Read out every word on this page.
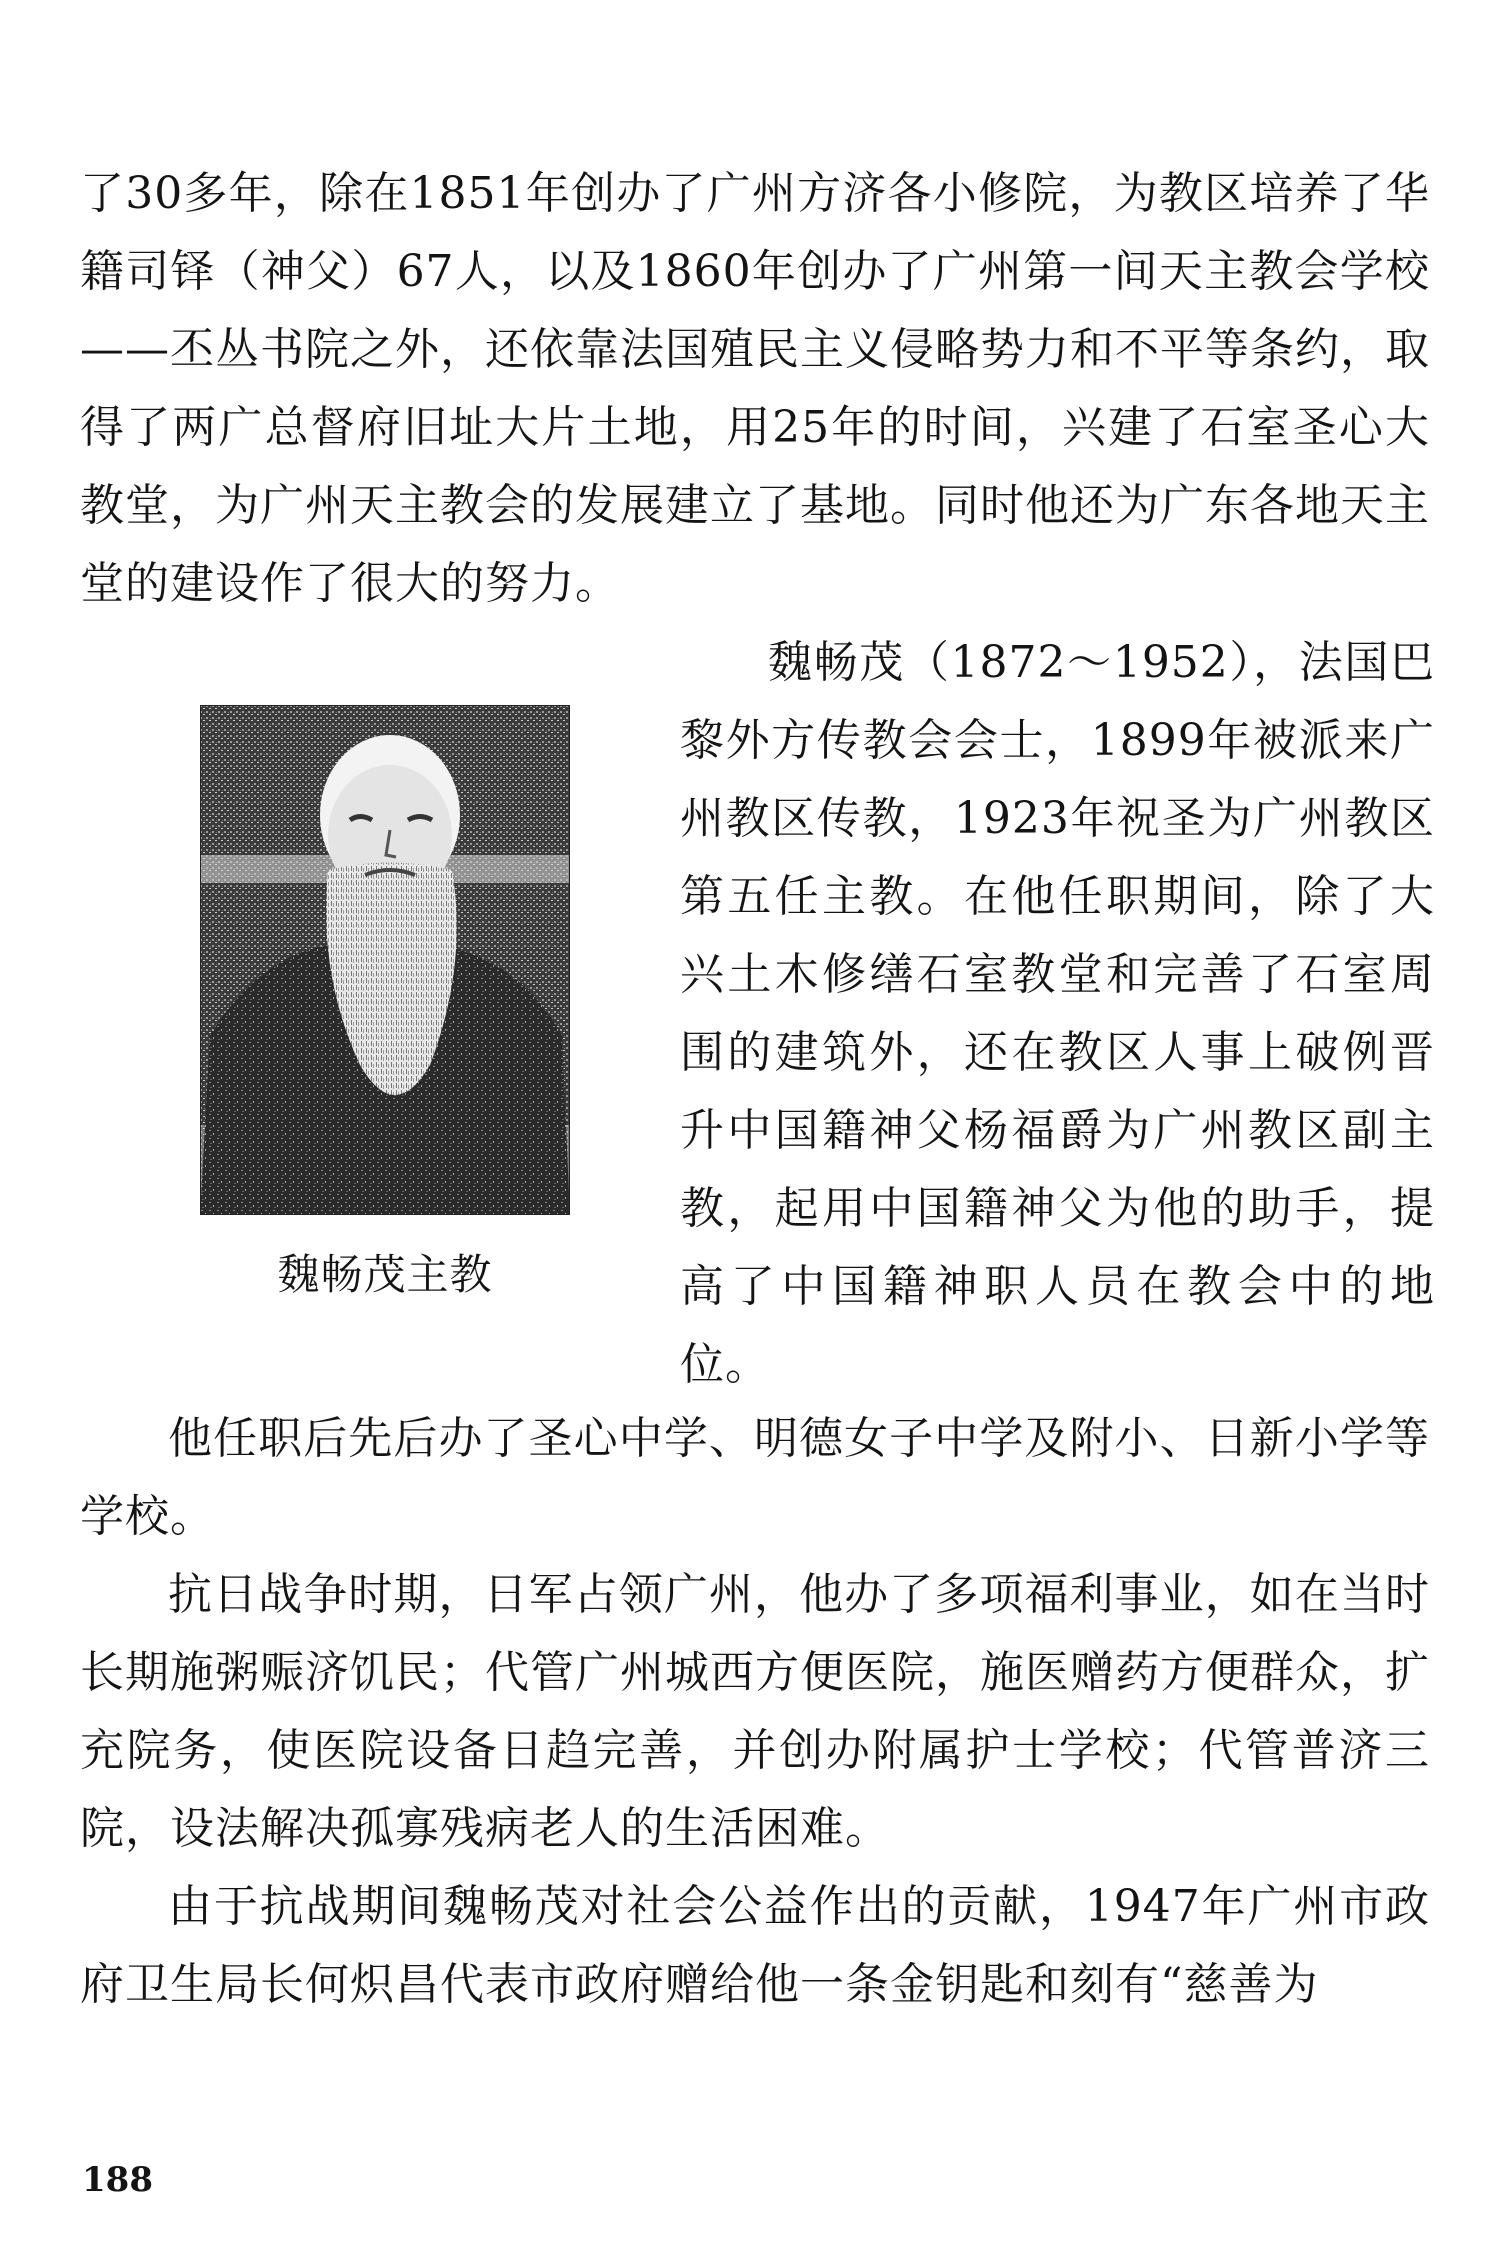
了30多年，除在1851年创办了广州方济各小修院，为教区培养了华籍司铎（神父）67人，以及1860年创办了广州第一间天主教会学校——丕丛书院之外，还依靠法国殖民主义侵略势力和不平等条约，取得了两广总督府旧址大片土地，用25年的时间，兴建了石室圣心大教堂，为广州天主教会的发展建立了基地。同时他还为广东各地天主堂的建设作了很大的努力。

魏畅茂主教

魏畅茂（1872～1952），法国巴黎外方传教会会士，1899年被派来广州教区传教，1923年祝圣为广州教区第五任主教。在他任职期间，除了大兴土木修缮石室教堂和完善了石室周围的建筑外，还在教区人事上破例晋升中国籍神父杨福爵为广州教区副主教，起用中国籍神父为他的助手，提高了中国籍神职人员在教会中的地位。

他任职后先后办了圣心中学、明德女子中学及附小、日新小学等学校。

抗日战争时期，日军占领广州，他办了多项福利事业，如在当时长期施粥赈济饥民；代管广州城西方便医院，施医赠药方便群众，扩充院务，使医院设备日趋完善，并创办附属护士学校；代管普济三院，设法解决孤寡残病老人的生活困难。

由于抗战期间魏畅茂对社会公益作出的贡献，1947年广州市政府卫生局长何炽昌代表市政府赠给他一条金钥匙和刻有“慈善为

188
